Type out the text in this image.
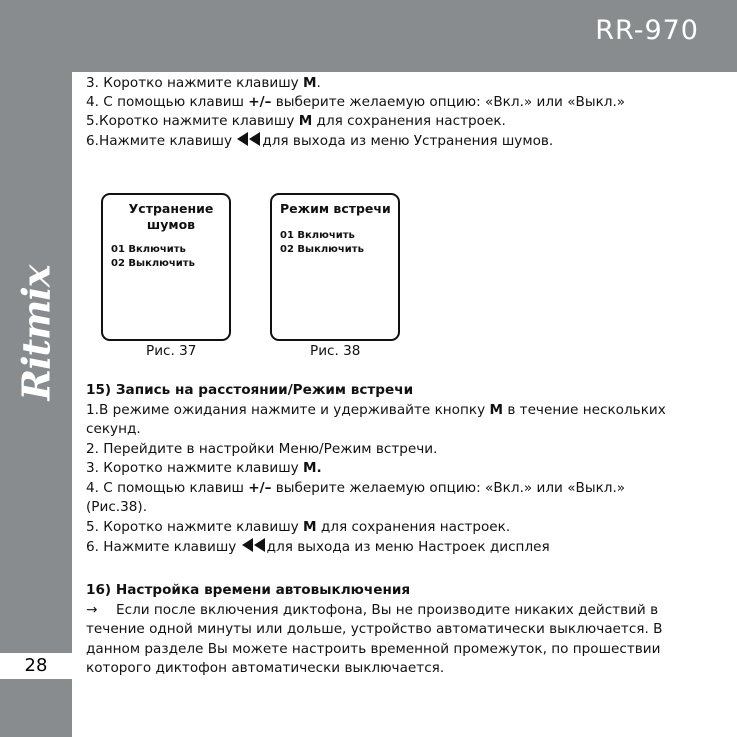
RR-970
Ritmix
28
3. Коротко нажмите клавишу M.
4. С помощью клавиш +/– выберите желаемую опцию: «Вкл.» или «Выкл.»
5.Коротко нажмите клавишу M для сохранения настроек.
6.Нажмите клавишу для выхода из меню Устранения шумов.
Устранение шумов
01 Включить
02 Выключить
Рис. 37
Режим встречи
01 Включить
02 Выключить
Рис. 38
15) Запись на расстоянии/Режим встречи
1.В режиме ожидания нажмите и удерживайте кнопку M в течение нескольких секунд.
2. Перейдите в настройки Меню/Режим встречи.
3. Коротко нажмите клавишу M.
4. С помощью клавиш +/– выберите желаемую опцию: «Вкл.» или «Выкл.»
(Рис.38).
5. Коротко нажмите клавишу M для сохранения настроек.
6. Нажмите клавишу для выхода из меню Настроек дисплея
16) Настройка времени автовыключения
→ Если после включения диктофона, Вы не производите никаких действий в течение одной минуты или дольше, устройство автоматически выключается. В данном разделе Вы можете настроить временной промежуток, по прошествии которого диктофон автоматически выключается.
